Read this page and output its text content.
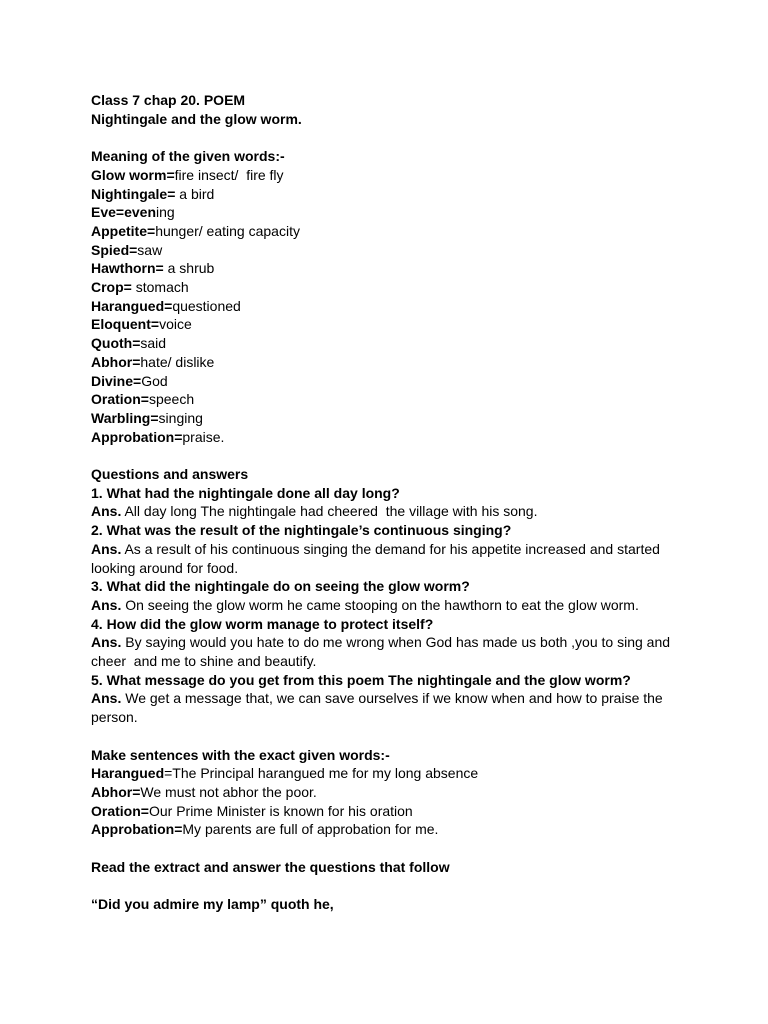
Class 7 chap 20. POEM
Nightingale and the glow worm.
Meaning of the given words:-
Glow worm=fire insect/  fire fly
Nightingale= a bird
Eve=evening
Appetite=hunger/ eating capacity
Spied=saw
Hawthorn= a shrub
Crop= stomach
Harangued=questioned
Eloquent=voice
Quoth=said
Abhor=hate/ dislike
Divine=God
Oration=speech
Warbling=singing
Approbation=praise.
Questions and answers
1. What had the nightingale done all day long?
Ans. All day long The nightingale had cheered  the village with his song.
2. What was the result of the nightingale’s continuous singing?
Ans. As a result of his continuous singing the demand for his appetite increased and started
looking around for food.
3. What did the nightingale do on seeing the glow worm?
Ans. On seeing the glow worm he came stooping on the hawthorn to eat the glow worm.
4. How did the glow worm manage to protect itself?
Ans. By saying would you hate to do me wrong when God has made us both ,you to sing and
cheer  and me to shine and beautify.
5. What message do you get from this poem The nightingale and the glow worm?
Ans. We get a message that, we can save ourselves if we know when and how to praise the
person.
Make sentences with the exact given words:-
Harangued=The Principal harangued me for my long absence
Abhor=We must not abhor the poor.
Oration=Our Prime Minister is known for his oration
Approbation=My parents are full of approbation for me.
Read the extract and answer the questions that follow
“Did you admire my lamp” quoth he,
